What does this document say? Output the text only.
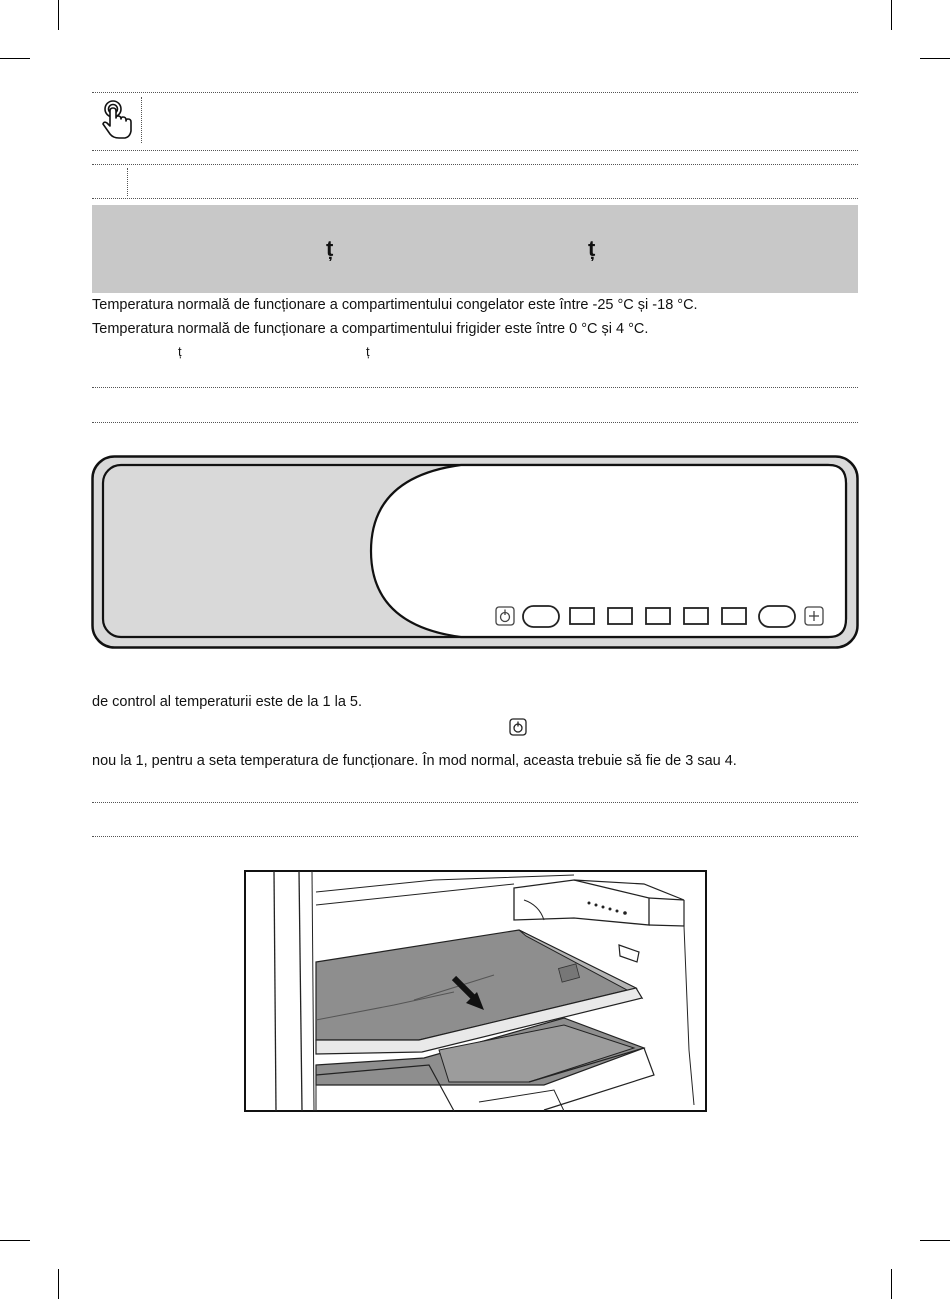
ț	ț
Temperatura normală de funcționare a compartimentului congelator este între -25 °C și -18 °C.
Temperatura normală de funcționare a compartimentului frigider este între 0 °C și 4 °C.
ț	ț
de control al temperaturii este de la 1 la 5.
nou la 1, pentru a seta temperatura de funcționare. În mod normal, aceasta trebuie să fie de 3 sau 4.
